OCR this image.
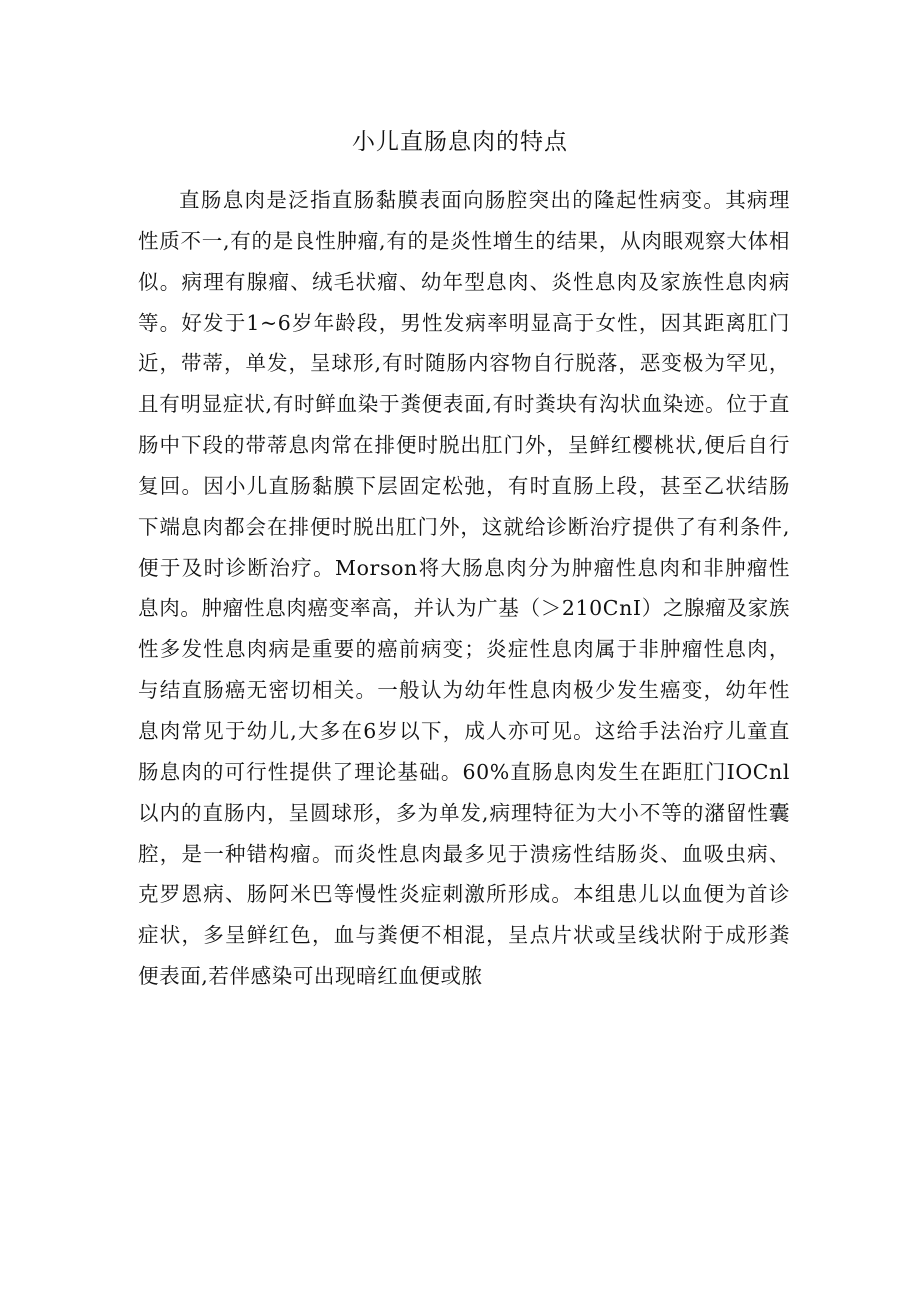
小儿直肠息肉的特点

直肠息肉是泛指直肠黏膜表面向肠腔突出的隆起性病变。其病理性质不一,有的是良性肿瘤,有的是炎性增生的结果，从肉眼观察大体相似。病理有腺瘤、绒毛状瘤、幼年型息肉、炎性息肉及家族性息肉病等。好发于1~6岁年龄段，男性发病率明显高于女性，因其距离肛门近，带蒂，单发，呈球形,有时随肠内容物自行脱落，恶变极为罕见，且有明显症状,有时鲜血染于粪便表面,有时粪块有沟状血染迹。位于直肠中下段的带蒂息肉常在排便时脱出肛门外，呈鲜红樱桃状,便后自行复回。因小儿直肠黏膜下层固定松弛，有时直肠上段，甚至乙状结肠下端息肉都会在排便时脱出肛门外，这就给诊断治疗提供了有利条件,便于及时诊断治疗。Morson将大肠息肉分为肿瘤性息肉和非肿瘤性息肉。肿瘤性息肉癌变率高，并认为广基（＞210CnI）之腺瘤及家族性多发性息肉病是重要的癌前病变；炎症性息肉属于非肿瘤性息肉，与结直肠癌无密切相关。一般认为幼年性息肉极少发生癌变，幼年性息肉常见于幼儿,大多在6岁以下，成人亦可见。这给手法治疗儿童直肠息肉的可行性提供了理论基础。60%直肠息肉发生在距肛门IOCnl以内的直肠内，呈圆球形，多为单发,病理特征为大小不等的潴留性囊腔，是一种错构瘤。而炎性息肉最多见于溃疡性结肠炎、血吸虫病、克罗恩病、肠阿米巴等慢性炎症刺激所形成。本组患儿以血便为首诊症状，多呈鲜红色，血与粪便不相混，呈点片状或呈线状附于成形粪便表面,若伴感染可出现暗红血便或脓
